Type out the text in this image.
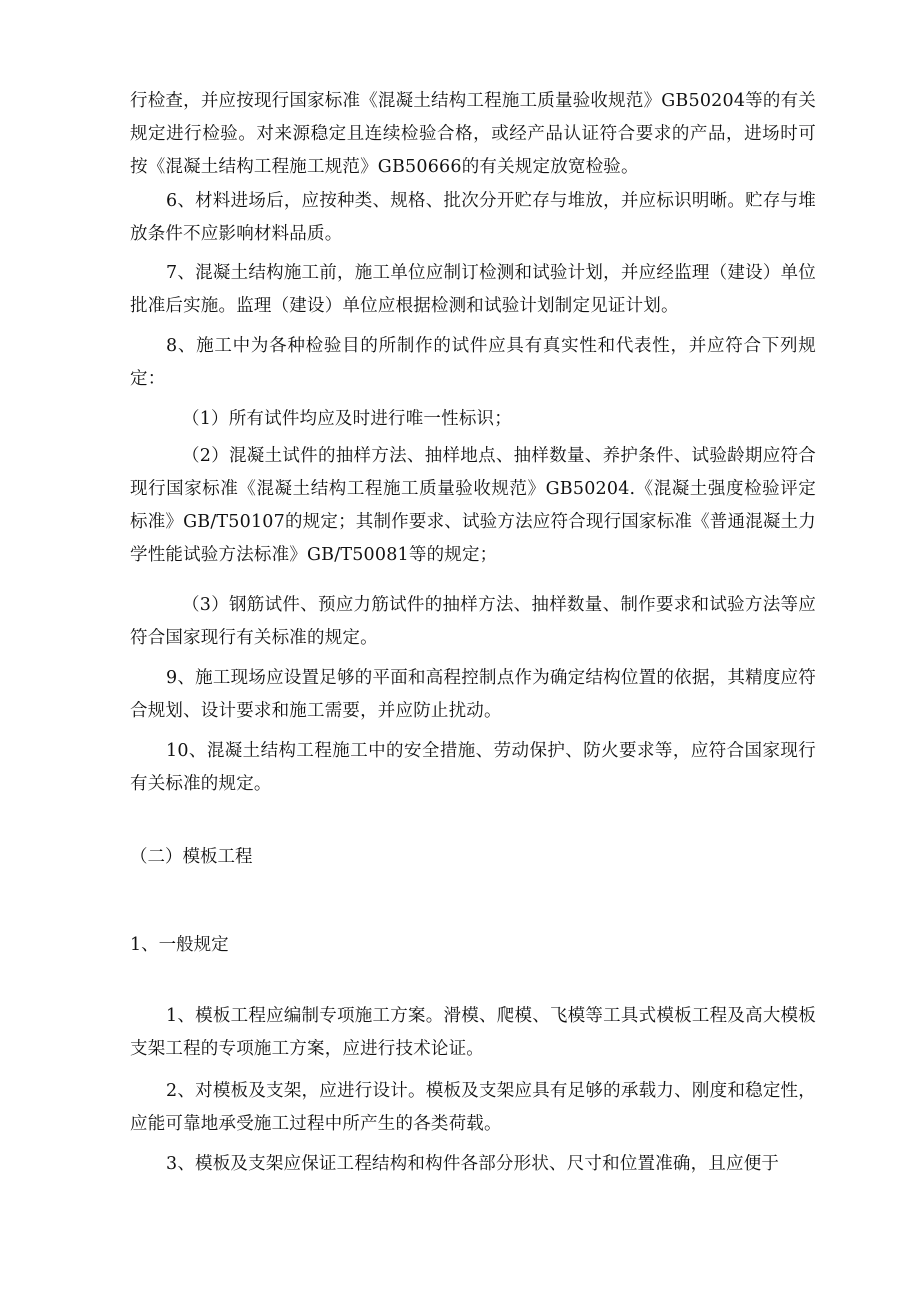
行检查，并应按现行国家标准《混凝土结构工程施工质量验收规范》GB50204等的有关规定进行检验。对来源稳定且连续检验合格，或经产品认证符合要求的产品，进场时可按《混凝土结构工程施工规范》GB50666的有关规定放宽检验。

6、材料进场后，应按种类、规格、批次分开贮存与堆放，并应标识明晰。贮存与堆放条件不应影响材料品质。

7、混凝土结构施工前，施工单位应制订检测和试验计划，并应经监理（建设）单位批准后实施。监理（建设）单位应根据检测和试验计划制定见证计划。

8、施工中为各种检验目的所制作的试件应具有真实性和代表性，并应符合下列规定：

（1）所有试件均应及时进行唯一性标识；

（2）混凝土试件的抽样方法、抽样地点、抽样数量、养护条件、试验龄期应符合现行国家标准《混凝土结构工程施工质量验收规范》GB50204.《混凝土强度检验评定标准》GB/T50107的规定；其制作要求、试验方法应符合现行国家标准《普通混凝土力学性能试验方法标准》GB/T50081等的规定；

（3）钢筋试件、预应力筋试件的抽样方法、抽样数量、制作要求和试验方法等应符合国家现行有关标准的规定。

9、施工现场应设置足够的平面和高程控制点作为确定结构位置的依据，其精度应符合规划、设计要求和施工需要，并应防止扰动。

10、混凝土结构工程施工中的安全措施、劳动保护、防火要求等，应符合国家现行有关标准的规定。

（二）模板工程

1、一般规定

1、模板工程应编制专项施工方案。滑模、爬模、飞模等工具式模板工程及高大模板支架工程的专项施工方案，应进行技术论证。

2、对模板及支架，应进行设计。模板及支架应具有足够的承载力、刚度和稳定性，应能可靠地承受施工过程中所产生的各类荷载。

3、模板及支架应保证工程结构和构件各部分形状、尺寸和位置准确，且应便于
